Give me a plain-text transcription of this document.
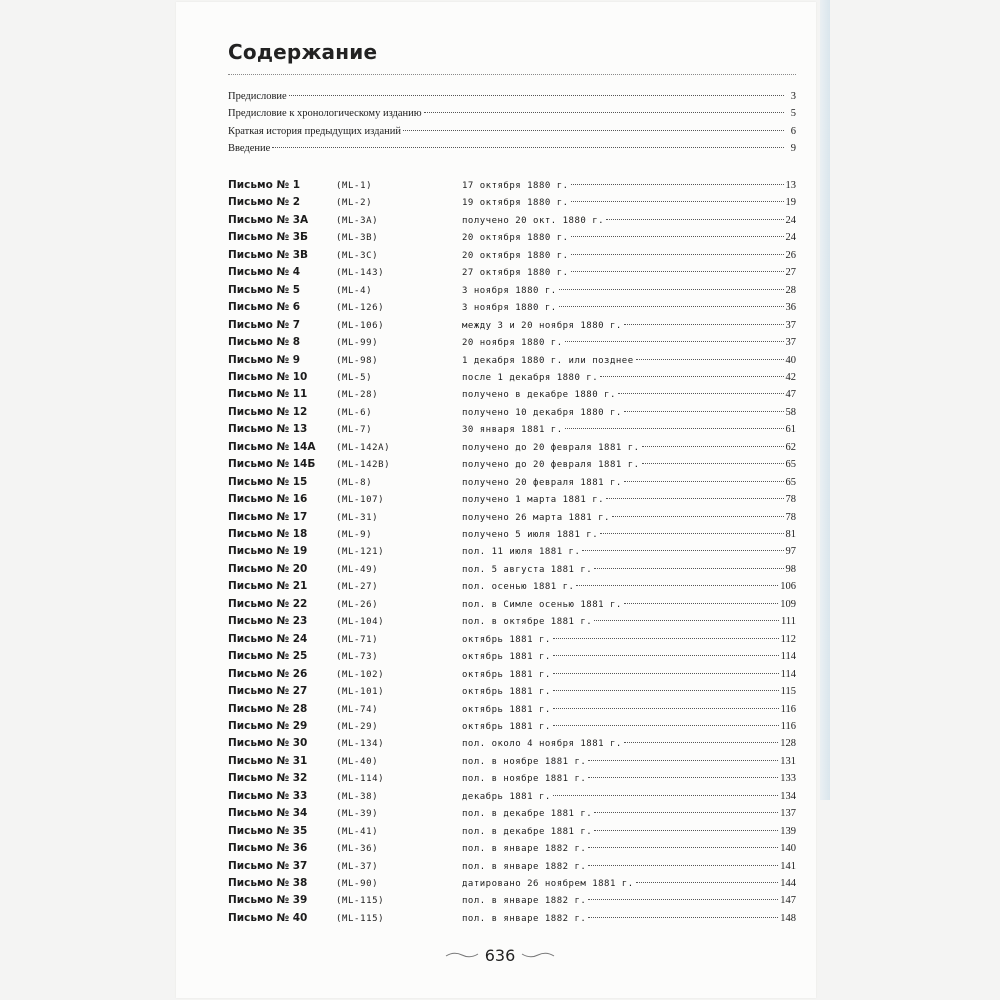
Содержание
Предисловие	3
Предисловие к хронологическому изданию	5
Краткая история предыдущих изданий	6
Введение	9
Письмо № 1	(ML-1)	17 октября 1880 г.	13
Письмо № 2	(ML-2)	19 октября 1880 г.	19
Письмо № 3А	(ML-3A)	получено 20 окт. 1880 г.	24
Письмо № 3Б	(ML-3B)	20 октября 1880 г.	24
Письмо № 3В	(ML-3C)	20 октября 1880 г.	26
Письмо № 4	(ML-143)	27 октября 1880 г.	27
Письмо № 5	(ML-4)	3 ноября 1880 г.	28
Письмо № 6	(ML-126)	3 ноября 1880 г.	36
Письмо № 7	(ML-106)	между 3 и 20 ноября 1880 г.	37
Письмо № 8	(ML-99)	20 ноября 1880 г.	37
Письмо № 9	(ML-98)	1 декабря 1880 г. или позднее	40
Письмо № 10	(ML-5)	после 1 декабря 1880 г.	42
Письмо № 11	(ML-28)	получено в декабре 1880 г.	47
Письмо № 12	(ML-6)	получено 10 декабря 1880 г.	58
Письмо № 13	(ML-7)	30 января 1881 г.	61
Письмо № 14А	(ML-142A)	получено до 20 февраля 1881 г.	62
Письмо № 14Б	(ML-142B)	получено до 20 февраля 1881 г.	65
Письмо № 15	(ML-8)	получено 20 февраля 1881 г.	65
Письмо № 16	(ML-107)	получено 1 марта 1881 г.	78
Письмо № 17	(ML-31)	получено 26 марта 1881 г.	78
Письмо № 18	(ML-9)	получено 5 июля 1881 г.	81
Письмо № 19	(ML-121)	пол. 11 июля 1881 г.	97
Письмо № 20	(ML-49)	пол. 5 августа 1881 г.	98
Письмо № 21	(ML-27)	пол. осенью 1881 г.	106
Письмо № 22	(ML-26)	пол. в Симле осенью 1881 г.	109
Письмо № 23	(ML-104)	пол. в октябре 1881 г.	111
Письмо № 24	(ML-71)	октябрь 1881 г.	112
Письмо № 25	(ML-73)	октябрь 1881 г.	114
Письмо № 26	(ML-102)	октябрь 1881 г.	114
Письмо № 27	(ML-101)	октябрь 1881 г.	115
Письмо № 28	(ML-74)	октябрь 1881 г.	116
Письмо № 29	(ML-29)	октябрь 1881 г.	116
Письмо № 30	(ML-134)	пол. около 4 ноября 1881 г.	128
Письмо № 31	(ML-40)	пол. в ноябре 1881 г.	131
Письмо № 32	(ML-114)	пол. в ноябре 1881 г.	133
Письмо № 33	(ML-38)	декабрь 1881 г.	134
Письмо № 34	(ML-39)	пол. в декабре 1881 г.	137
Письмо № 35	(ML-41)	пол. в декабре 1881 г.	139
Письмо № 36	(ML-36)	пол. в январе 1882 г.	140
Письмо № 37	(ML-37)	пол. в январе 1882 г.	141
Письмо № 38	(ML-90)	датировано 26 ноябрем 1881 г.	144
Письмо № 39	(ML-115)	пол. в январе 1882 г.	147
Письмо № 40	(ML-115)	пол. в январе 1882 г.	148
636
